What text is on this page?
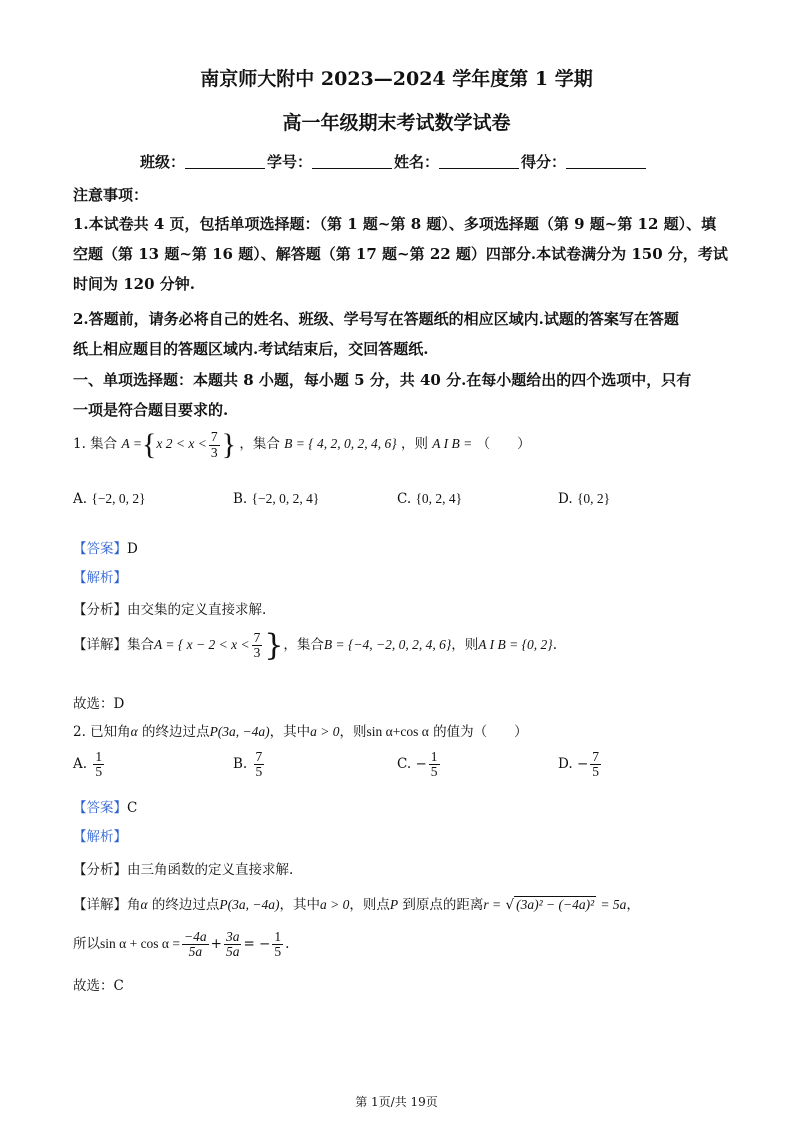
南京师大附中 2023—2024 学年度第 1 学期
高一年级期末考试数学试卷
班级：	学号：	姓名：	得分：
注意事项：
1.本试卷共 4 页，包括单项选择题：（第 1 题~第 8 题）、多项选择题（第 9 题~第 12 题）、填
空题（第 13 题~第 16 题）、解答题（第 17 题~第 22 题）四部分.本试卷满分为 150 分，考试
时间为 120 分钟.
2.答题前，请务必将自己的姓名、班级、学号写在答题纸的相应区域内.试题的答案写在答题
纸上相应题目的答题区域内.考试结束后，交回答题纸.
一、单项选择题：本题共 8 小题，每小题 5 分，共 40 分.在每小题给出的四个选项中，只有
一项是符合题目要求的.
1. 集合 A ={x $2 < x < \frac{7}{3}$ } ，集合 B = { 4, 2, 0, 2, 4, 6} ，则 A I B = （　　）
A. {−2, 0, 2}	B. {−2, 0, 2, 4}	C. {0, 2, 4}	D. {0, 2}
【答案】D
【解析】
【分析】由交集的定义直接求解.
【详解】集合A = { $x - 2 < x < \frac{7}{3}$ }，集合B = {−4, −2, 0, 2, 4, 6}，则A I B = {0, 2}.
故选：D
2. 已知角α 的终边过点P(3a, −4a)，其中a > 0，则sin α+cos α 的值为（　　）
A. $\frac{1}{5}$	B. $\frac{7}{5}$	C. − $\frac{1}{5}$	D. − $\frac{7}{5}$
【答案】C
【解析】
【分析】由三角函数的定义直接求解.
【详解】角α 的终边过点P(3a, −4a)，其中a > 0，则点P 到原点的距离r = √ (3a)² − (−4a)² = 5a，
所以$\sin \alpha + \cos \alpha = \frac{-4a}{5a} + \frac{3a}{5a}$ = − $\frac{1}{5}$ .
故选：C
第 1页/共 19页
